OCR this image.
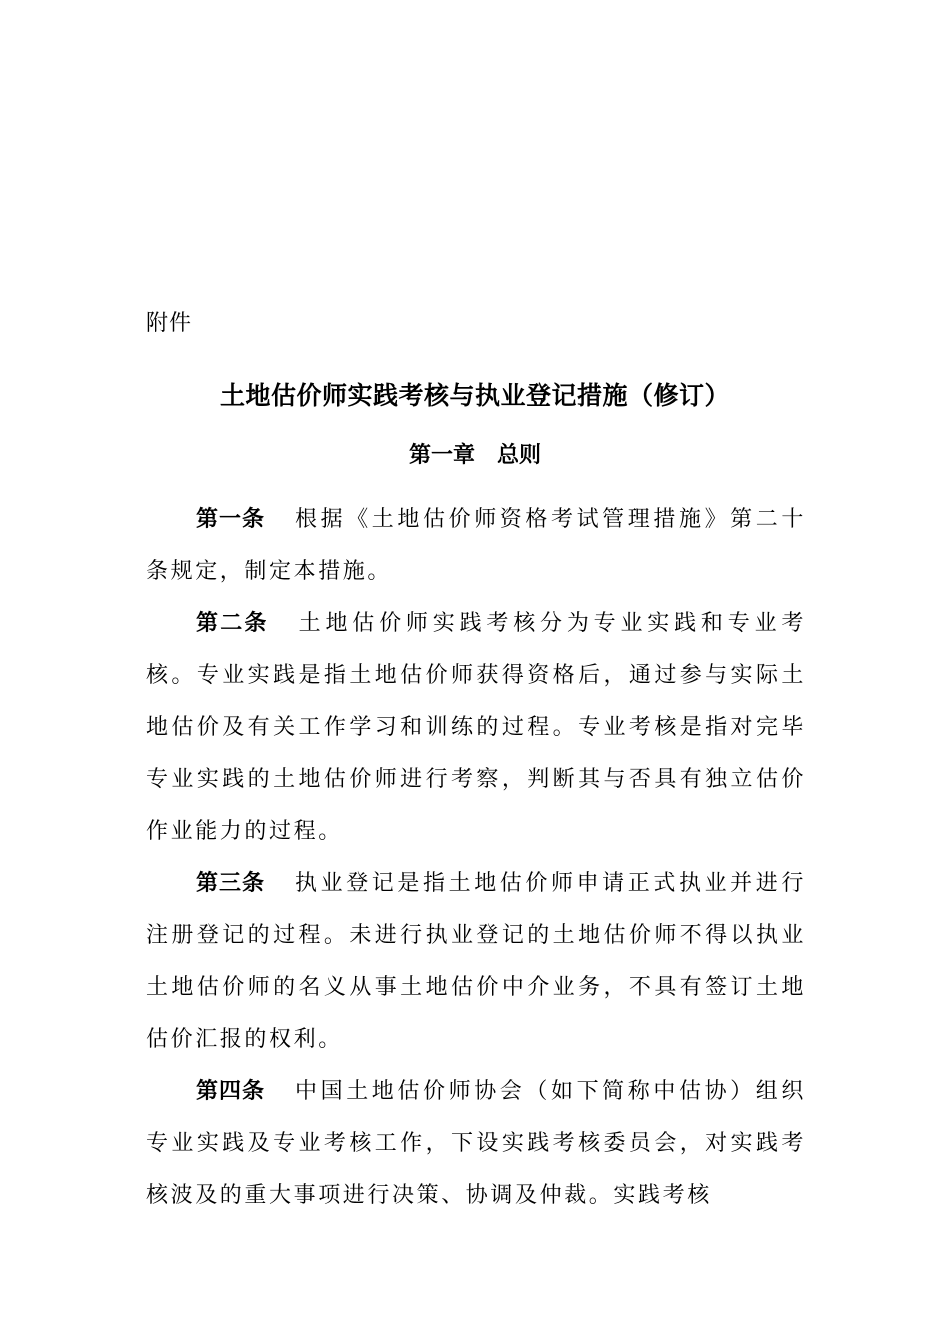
附件
土地估价师实践考核与执业登记措施（修订）
第一章　总则

第一条 根据《土地估价师资格考试管理措施》第二十条规定，制定本措施。

第二条 土地估价师实践考核分为专业实践和专业考核。专业实践是指土地估价师获得资格后，通过参与实际土地估价及有关工作学习和训练的过程。专业考核是指对完毕专业实践的土地估价师进行考察，判断其与否具有独立估价作业能力的过程。

第三条 执业登记是指土地估价师申请正式执业并进行注册登记的过程。未进行执业登记的土地估价师不得以执业土地估价师的名义从事土地估价中介业务，不具有签订土地估价汇报的权利。

第四条 中国土地估价师协会（如下简称中估协）组织专业实践及专业考核工作，下设实践考核委员会，对实践考核波及的重大事项进行决策、协调及仲裁。实践考核
